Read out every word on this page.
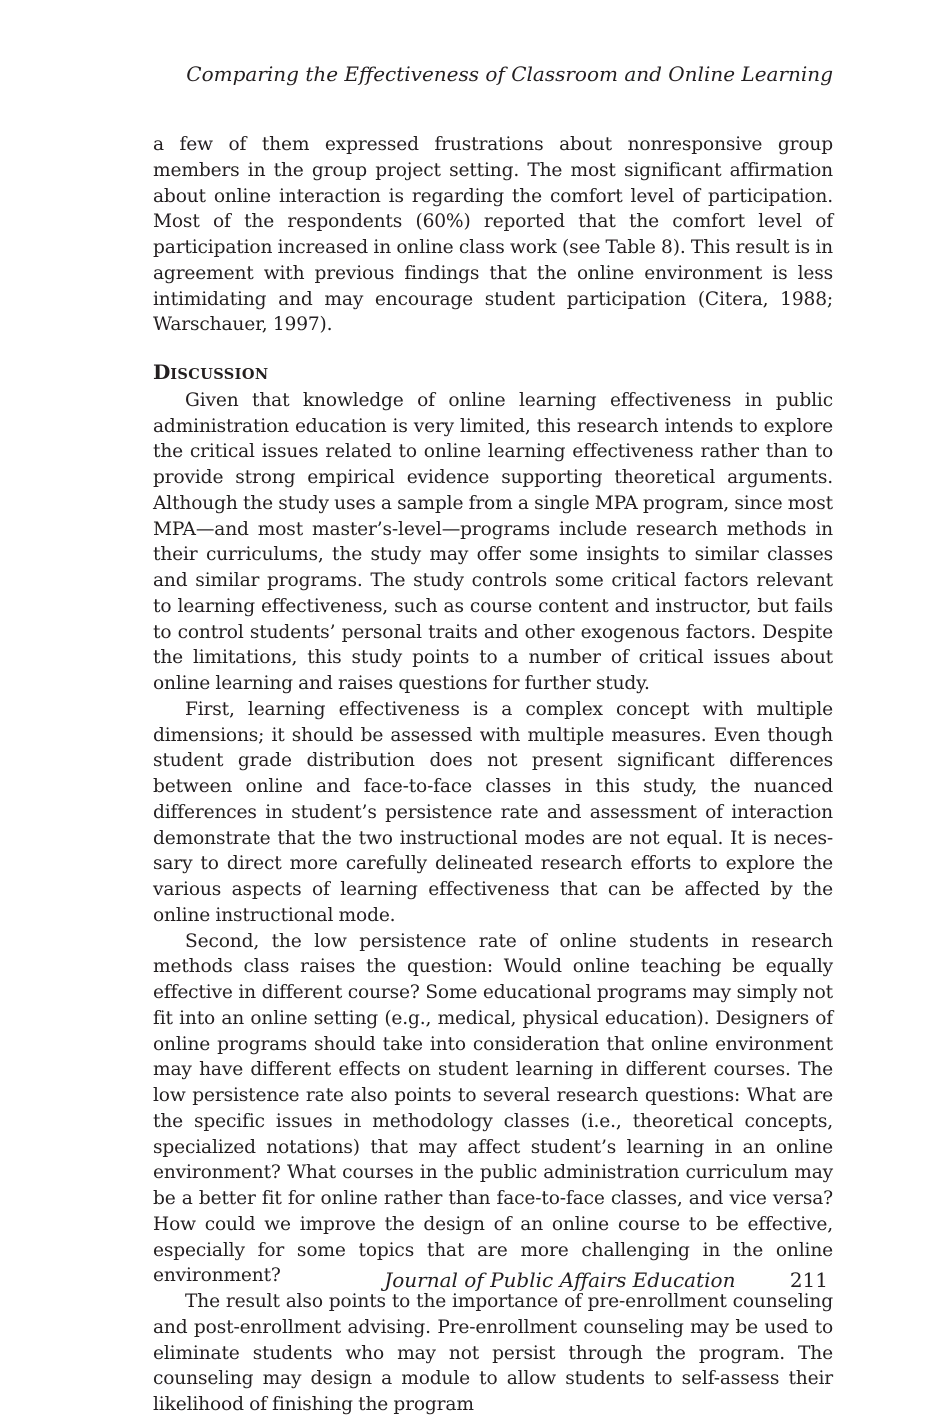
Comparing the Effectiveness of Classroom and Online Learning

a few of them expressed frustrations about nonresponsive group members in the group project setting. The most significant affirmation about online interaction is regarding the comfort level of participation. Most of the respondents (60%) reported that the comfort level of participation increased in online class work (see Table 8). This result is in agreement with previous findings that the online environment is less intimidating and may encourage student participation (Citera, 1988; Warschauer, 1997).

DISCUSSION

Given that knowledge of online learning effectiveness in public administration education is very limited, this research intends to explore the critical issues related to online learning effectiveness rather than to provide strong empirical evidence supporting theoretical arguments. Although the study uses a sample from a single MPA program, since most MPA—and most master’s-level—programs include research methods in their curriculums, the study may offer some insights to similar classes and similar programs. The study controls some critical factors relevant to learning effectiveness, such as course content and instructor, but fails to control students’ personal traits and other exogenous factors. Despite the limitations, this study points to a number of critical issues about online learning and raises questions for further study.

First, learning effectiveness is a complex concept with multiple dimensions; it should be assessed with multiple measures. Even though student grade distribution does not present significant differences between online and face-to-face classes in this study, the nuanced differences in student’s persistence rate and assessment of interaction demonstrate that the two instructional modes are not equal. It is neces-sary to direct more carefully delineated research efforts to explore the various aspects of learning effectiveness that can be affected by the online instructional mode.

Second, the low persistence rate of online students in research methods class raises the question: Would online teaching be equally effective in different course? Some educational programs may simply not fit into an online setting (e.g., medical, physical education). Designers of online programs should take into consideration that online environment may have different effects on student learning in different courses. The low persistence rate also points to several research questions: What are the specific issues in methodology classes (i.e., theoretical concepts, specialized notations) that may affect student’s learning in an online environment? What courses in the public administration curriculum may be a better fit for online rather than face-to-face classes, and vice versa? How could we improve the design of an online course to be effective, especially for some topics that are more challenging in the online environment?

The result also points to the importance of pre-enrollment counseling and post-enrollment advising. Pre-enrollment counseling may be used to eliminate students who may not persist through the program. The counseling may design a module to allow students to self-assess their likelihood of finishing the program

Journal of Public Affairs Education	211
